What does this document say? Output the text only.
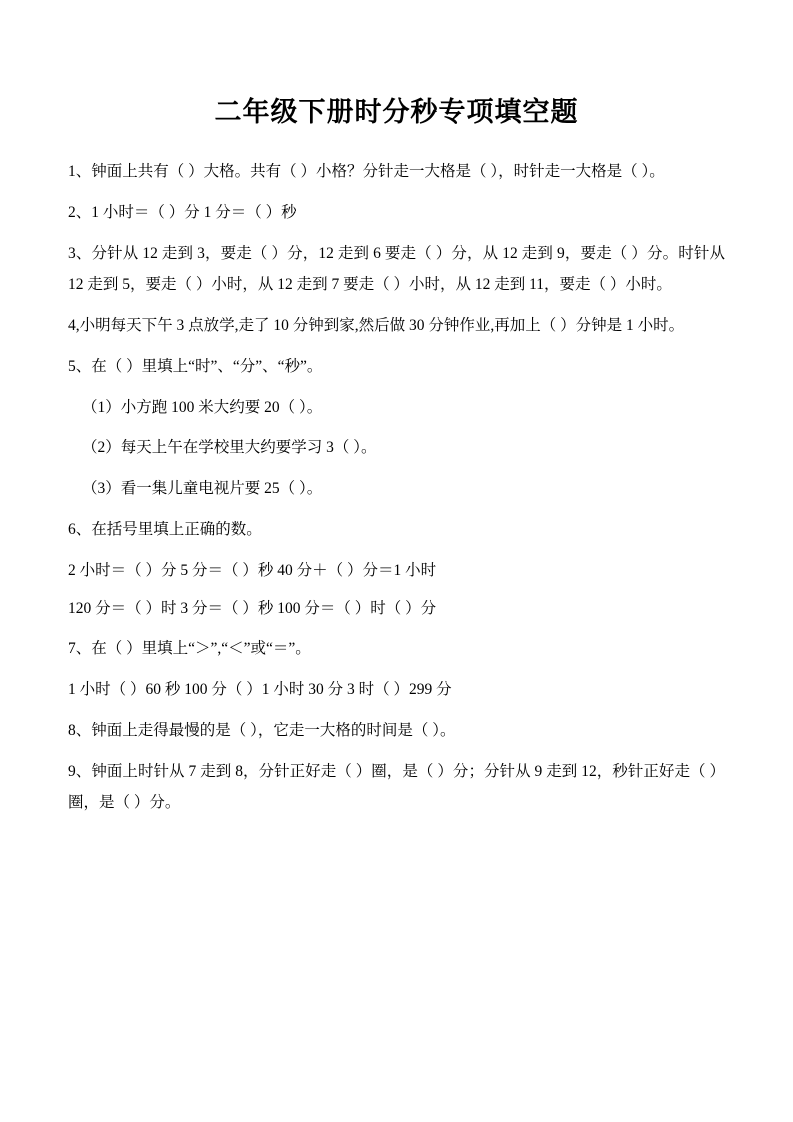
二年级下册时分秒专项填空题

1、钟面上共有（ ）大格。共有（ ）小格？分针走一大格是（ ），时针走一大格是（ ）。

2、1 小时＝（ ）分 1 分＝（ ）秒

3、分针从 12 走到 3，要走（ ）分，12 走到 6 要走（ ）分，从 12 走到 9，要走（ ）分。时针从 12 走到 5，要走（ ）小时，从 12 走到 7 要走（ ）小时，从 12 走到 11，要走（ ）小时。

4,小明每天下午 3 点放学,走了 10 分钟到家,然后做 30 分钟作业,再加上（ ）分钟是 1 小时。

5、在（ ）里填上“时”、“分”、“秒”。

（1）小方跑 100 米大约要 20（ ）。

（2）每天上午在学校里大约要学习 3（ ）。

（3）看一集儿童电视片要 25（ ）。

6、在括号里填上正确的数。

2 小时＝（ ）分 5 分＝（ ）秒 40 分＋（ ）分＝1 小时

120 分＝（ ）时 3 分＝（ ）秒 100 分＝（ ）时（ ）分

7、在（ ）里填上“＞”,“＜”或“＝”。

1 小时（ ）60 秒 100 分（ ）1 小时 30 分 3 时（ ）299 分

8、钟面上走得最慢的是（ ），它走一大格的时间是（ ）。

9、钟面上时针从 7 走到 8，分针正好走（ ）圈，是（ ）分；分针从 9 走到 12，秒针正好走（ ）圈，是（ ）分。
